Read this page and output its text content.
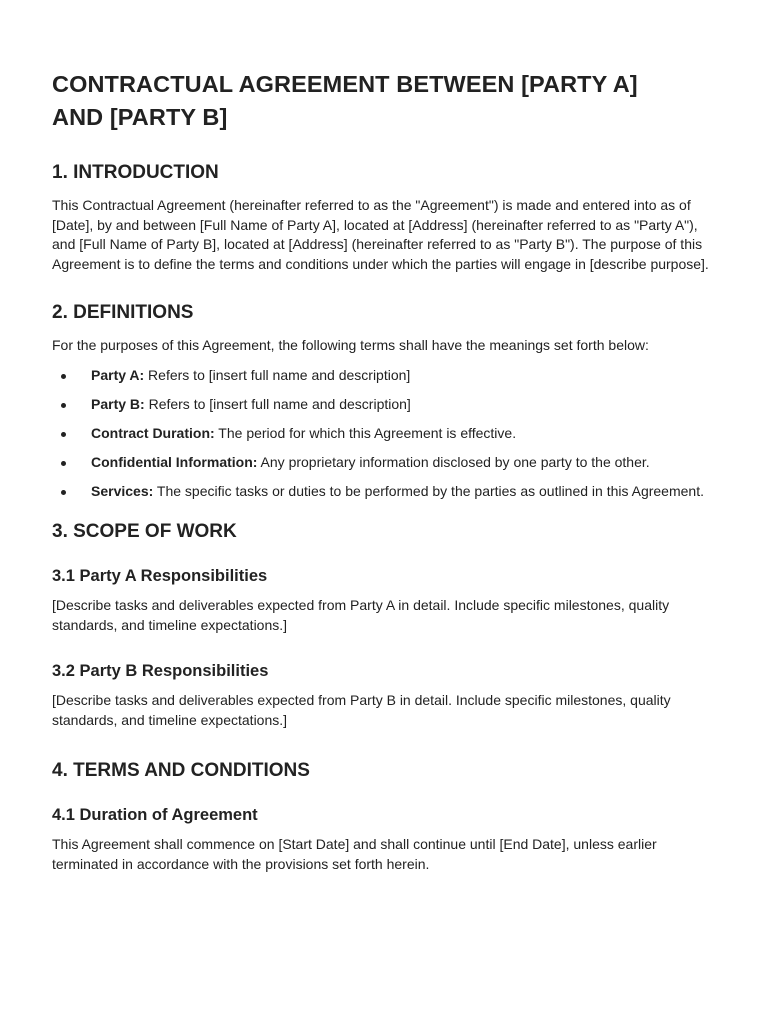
CONTRACTUAL AGREEMENT BETWEEN [PARTY A]
AND [PARTY B]
1. INTRODUCTION

This Contractual Agreement (hereinafter referred to as the "Agreement") is made and entered into as of [Date], by and between [Full Name of Party A], located at [Address] (hereinafter referred to as "Party A"), and [Full Name of Party B], located at [Address] (hereinafter referred to as "Party B"). The purpose of this Agreement is to define the terms and conditions under which the parties will engage in [describe purpose].

2. DEFINITIONS

For the purposes of this Agreement, the following terms shall have the meanings set forth below:

Party A: Refers to [insert full name and description]
Party B: Refers to [insert full name and description]
Contract Duration: The period for which this Agreement is effective.
Confidential Information: Any proprietary information disclosed by one party to the other.
Services: The specific tasks or duties to be performed by the parties as outlined in this Agreement.
3. SCOPE OF WORK
3.1 Party A Responsibilities

[Describe tasks and deliverables expected from Party A in detail. Include specific milestones, quality standards, and timeline expectations.]

3.2 Party B Responsibilities

[Describe tasks and deliverables expected from Party B in detail. Include specific milestones, quality standards, and timeline expectations.]

4. TERMS AND CONDITIONS
4.1 Duration of Agreement

This Agreement shall commence on [Start Date] and shall continue until [End Date], unless earlier terminated in accordance with the provisions set forth herein.
